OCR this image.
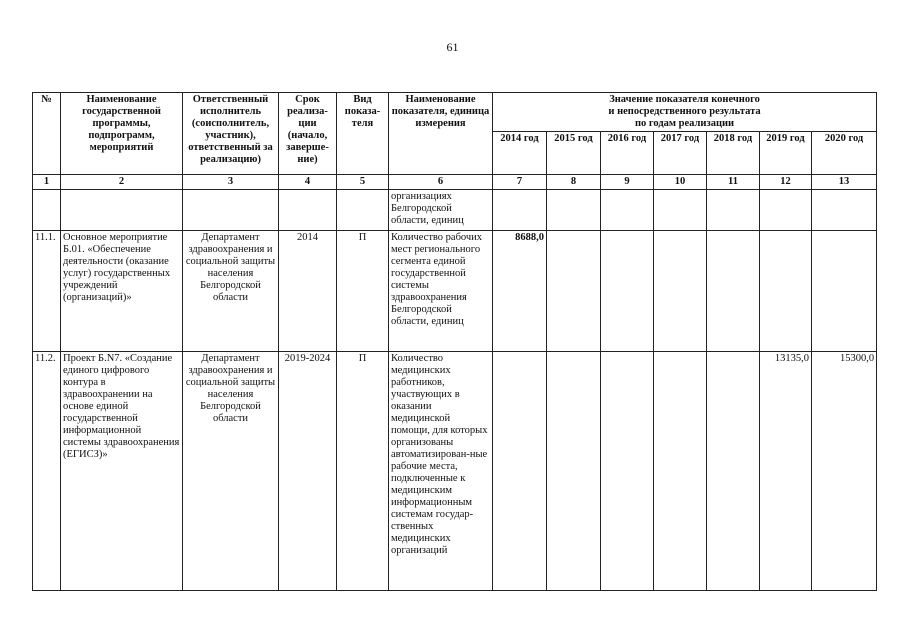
61
№	Наименование государственной программы, подпрограмм, мероприятий	Ответственный исполнитель (соисполнитель, участник), ответственный за реализацию)	Срок реализа-ции (начало, заверше-ние)	Вид показа-теля	Наименование показателя, единица измерения	Значение показателя конечного
и непосредственного результата
по годам реализации						
						2014 год	2015 год	2016 год	2017 год	2018 год	2019 год	2020 год
1	2	3	4	5	6	7	8	9	10	11	12	13
					организациях Белгородской области, единиц							
11.1.	Основное мероприятие Б.01. «Обеспечение деятельности (оказание услуг) государственных учреждений (организаций)»	Департамент здравоохранения и социальной защиты населения Белгородской области	2014	П	Количество рабочих мест регионального сегмента единой государственной системы здравоохранения Белгородской области, единиц	8688,0						
11.2.	Проект Б.N7. «Создание единого цифрового контура в здравоохранении на основе единой государственной информационной системы здравоохранения (ЕГИСЗ)»	Департамент здравоохранения и социальной защиты населения Белгородской области	2019-2024	П	Количество медицинских работников, участвующих в оказании медицинской помощи, для которых организованы автоматизирован-ные рабочие места, подключенные к медицинским информационным системам государ-ственных медицинских организаций						13135,0	15300,0
